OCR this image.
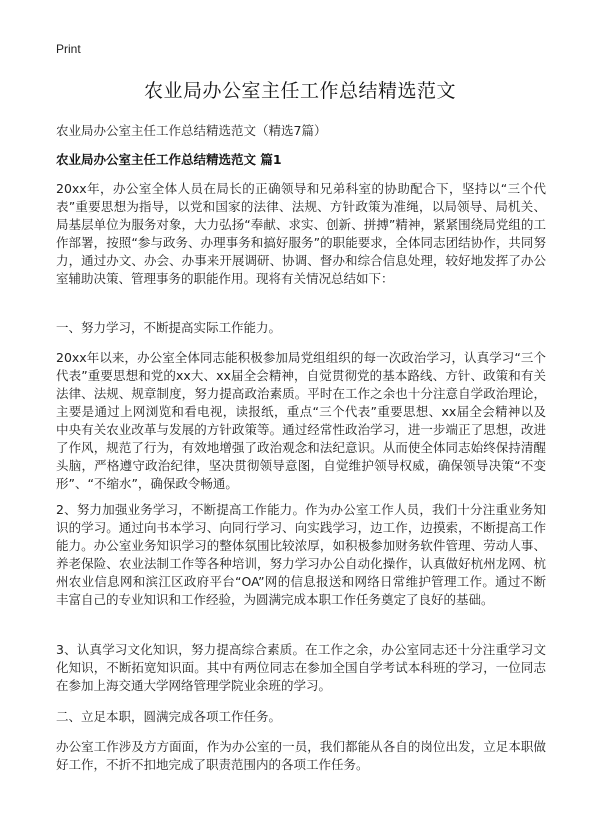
Print
农业局办公室主任工作总结精选范文
农业局办公室主任工作总结精选范文（精选7篇）
农业局办公室主任工作总结精选范文 篇1

20xx年，办公室全体人员在局长的正确领导和兄弟科室的协助配合下，坚持以“三个代表”重要思想为指导，以党和国家的法律、法规、方针政策为准绳，以局领导、局机关、局基层单位为服务对象，大力弘扬“奉献、求实、创新、拼搏”精神，紧紧围绕局党组的工作部署，按照“参与政务、办理事务和搞好服务”的职能要求，全体同志团结协作，共同努力，通过办文、办会、办事来开展调研、协调、督办和综合信息处理，较好地发挥了办公室辅助决策、管理事务的职能作用。现将有关情况总结如下：

一、努力学习，不断提高实际工作能力。

20xx年以来，办公室全体同志能积极参加局党组组织的每一次政治学习，认真学习“三个代表”重要思想和党的xx大、xx届全会精神，自觉贯彻党的基本路线、方针、政策和有关法律、法规、规章制度，努力提高政治素质。平时在工作之余也十分注意自学政治理论，主要是通过上网浏览和看电视，读报纸，重点“三个代表”重要思想、xx届全会精神以及中央有关农业改革与发展的方针政策等。通过经常性政治学习，进一步端正了思想，改进了作风，规范了行为，有效地增强了政治观念和法纪意识。从而使全体同志始终保持清醒头脑，严格遵守政治纪律，坚决贯彻领导意图，自觉维护领导权威，确保领导决策“不变形”、“不缩水”，确保政令畅通。

2、努力加强业务学习，不断提高工作能力。作为办公室工作人员，我们十分注重业务知识的学习。通过向书本学习、向同行学习、向实践学习，边工作，边摸索，不断提高工作能力。办公室业务知识学习的整体氛围比较浓厚，如积极参加财务软件管理、劳动人事、养老保险、农业法制工作等各种培训，努力学习办公自动化操作，认真做好杭州龙网、杭州农业信息网和滨江区政府平台“OA”网的信息报送和网络日常维护管理工作。通过不断丰富自己的专业知识和工作经验，为圆满完成本职工作任务奠定了良好的基础。

3、认真学习文化知识，努力提高综合素质。在工作之余，办公室同志还十分注重学习文化知识，不断拓宽知识面。其中有两位同志在参加全国自学考试本科班的学习，一位同志在参加上海交通大学网络管理学院业余班的学习。

二、立足本职，圆满完成各项工作任务。

办公室工作涉及方方面面，作为办公室的一员，我们都能从各自的岗位出发，立足本职做好工作，不折不扣地完成了职责范围内的各项工作任务。
